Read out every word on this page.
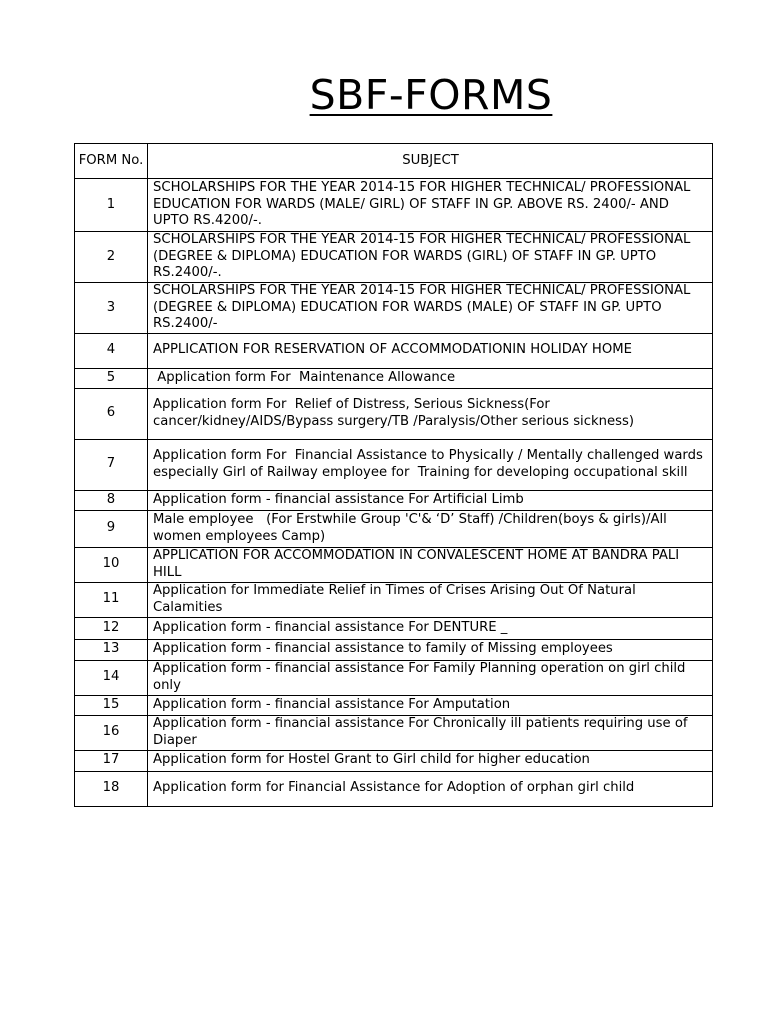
SBF-FORMS
FORM No.	SUBJECT
1	SCHOLARSHIPS FOR THE YEAR 2014-15 FOR HIGHER TECHNICAL/ PROFESSIONAL EDUCATION FOR WARDS (MALE/ GIRL) OF STAFF IN GP. ABOVE RS. 2400/- AND UPTO RS.4200/-.
2	SCHOLARSHIPS FOR THE YEAR 2014-15 FOR HIGHER TECHNICAL/ PROFESSIONAL (DEGREE & DIPLOMA) EDUCATION FOR WARDS (GIRL) OF STAFF IN GP. UPTO RS.2400/-.
3	SCHOLARSHIPS FOR THE YEAR 2014-15 FOR HIGHER TECHNICAL/ PROFESSIONAL (DEGREE & DIPLOMA) EDUCATION FOR WARDS (MALE) OF STAFF IN GP. UPTO RS.2400/-
4	APPLICATION FOR RESERVATION OF ACCOMMODATIONIN HOLIDAY HOME
5	Application form For  Maintenance Allowance
6	Application form For  Relief of Distress, Serious Sickness(For cancer/kidney/AIDS/Bypass surgery/TB /Paralysis/Other serious sickness)
7	Application form For  Financial Assistance to Physically / Mentally challenged wards especially Girl of Railway employee for  Training for developing occupational skill
8	Application form - financial assistance For Artificial Limb
9	Male employee   (For Erstwhile Group 'C'& ‘D’ Staff) /Children(boys & girls)/All women employees Camp)
10	APPLICATION FOR ACCOMMODATION IN CONVALESCENT HOME AT BANDRA PALI HILL
11	Application for Immediate Relief in Times of Crises Arising Out Of Natural Calamities
12	Application form - financial assistance For DENTURE _
13	Application form - financial assistance to family of Missing employees
14	Application form - financial assistance For Family Planning operation on girl child only
15	Application form - financial assistance For Amputation
16	Application form - financial assistance For Chronically ill patients requiring use of Diaper
17	Application form for Hostel Grant to Girl child for higher education
18	Application form for Financial Assistance for Adoption of orphan girl child
